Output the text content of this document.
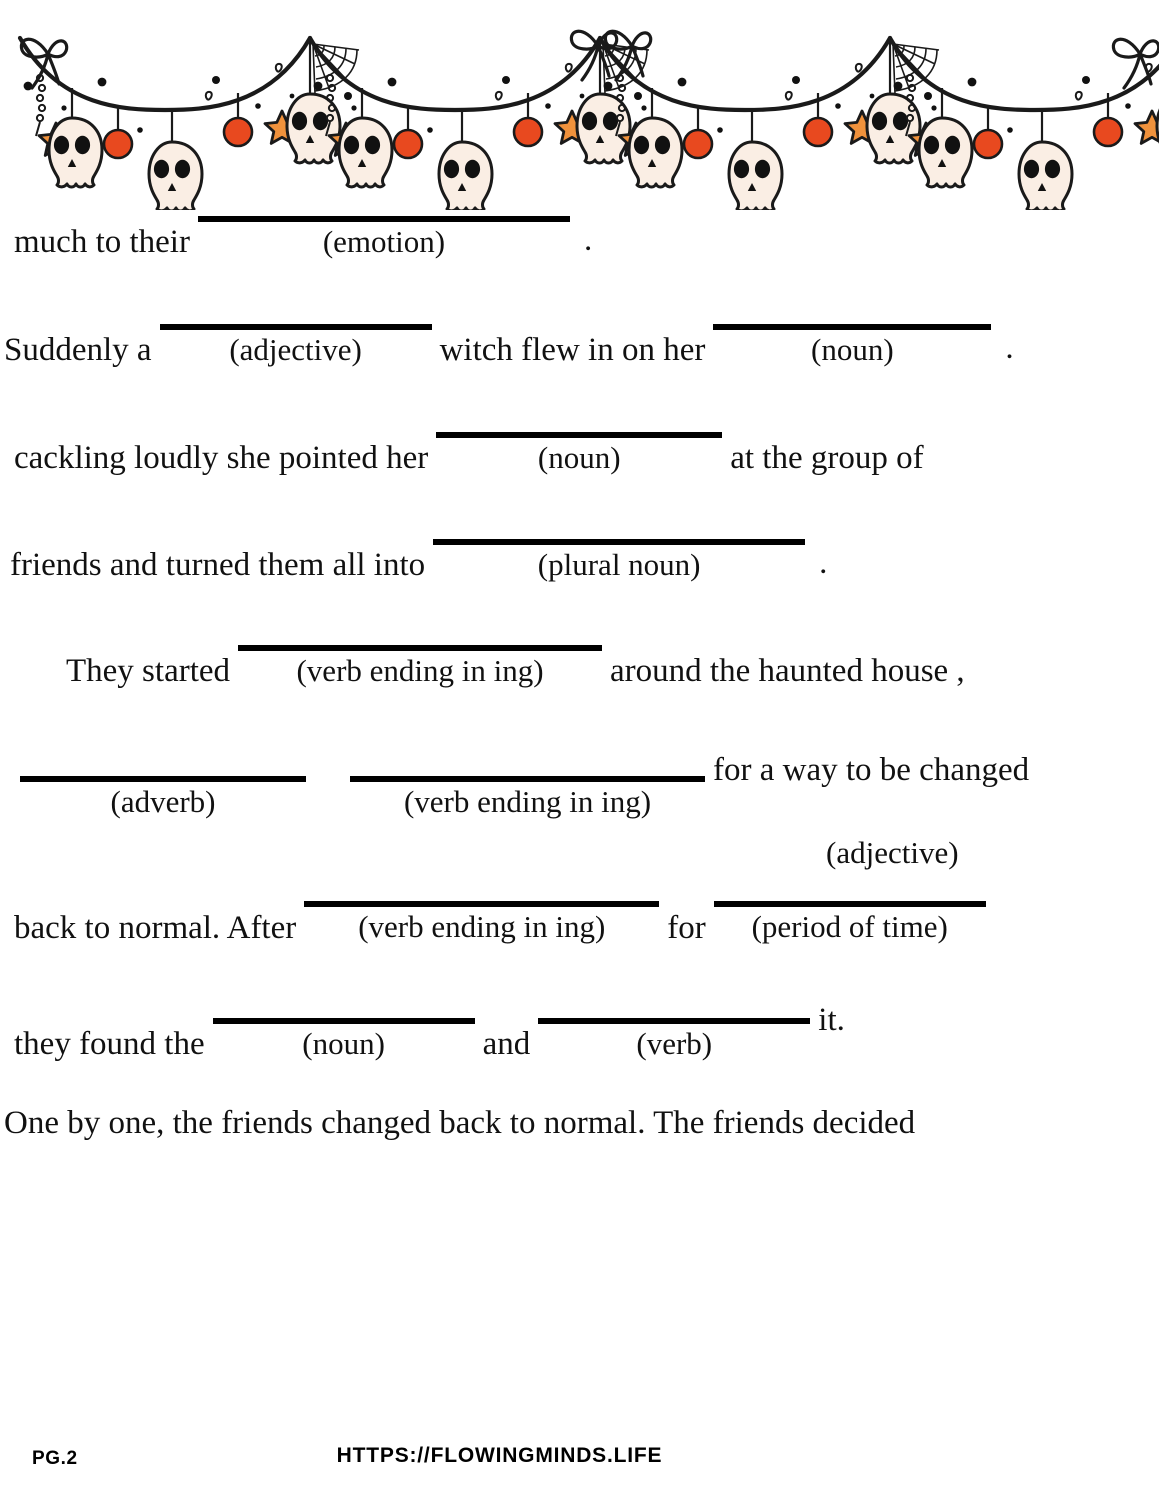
much to their	(emotion)	.
Suddenly a	(adjective) witch flew in on her	(noun)	.
cackling loudly she pointed her	(noun)	at the group of
friends and turned them all into	(plural noun)	.
They started (verb ending in ing) around the haunted house ,
(adverb)	(verb ending in ing)
for a way to be changed
(adjective)
back to normal. After (verb ending in ing) for (period of time)
they found the	(noun)	and	(verb)
it.
One by one, the friends changed back to normal. The friends decided
PG.2	HTTPS://FLOWINGMINDS.LIFE
